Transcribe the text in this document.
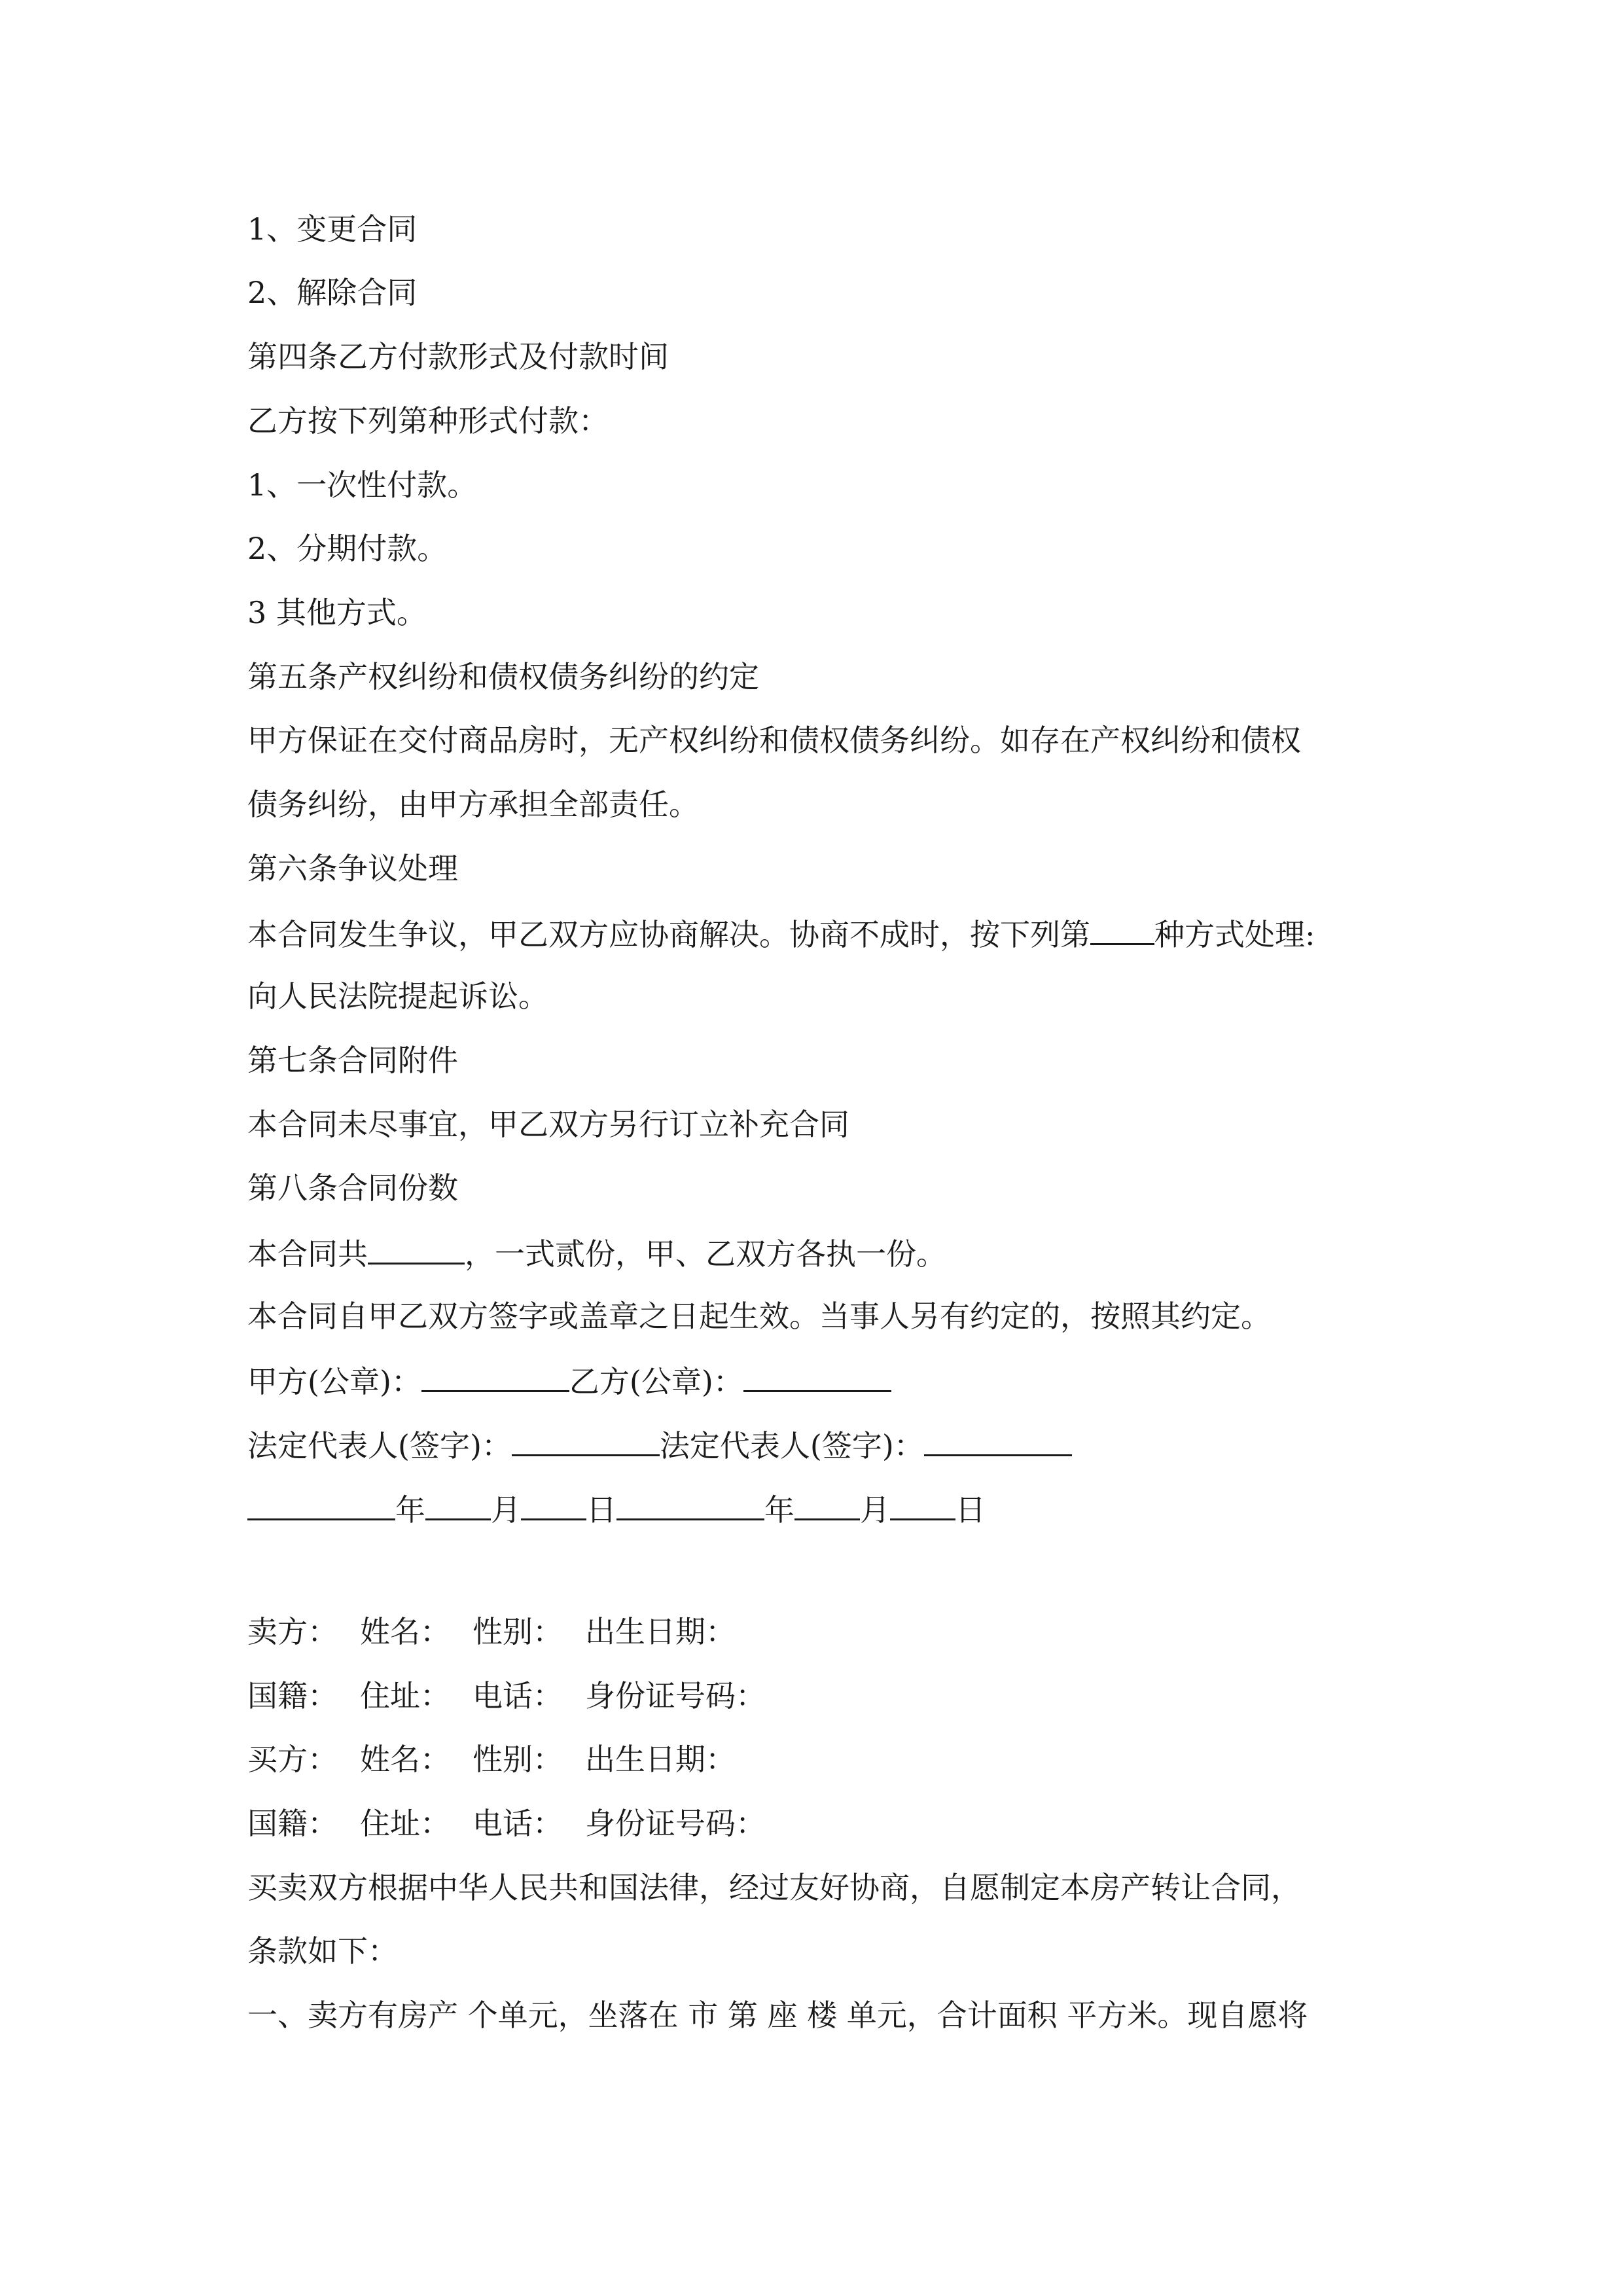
1、变更合同
2、解除合同
第四条乙方付款形式及付款时间
乙方按下列第种形式付款：
1、一次性付款。
2、分期付款。
3 其他方式。
第五条产权纠纷和债权债务纠纷的约定
甲方保证在交付商品房时，无产权纠纷和债权债务纠纷。如存在产权纠纷和债权
债务纠纷，由甲方承担全部责任。
第六条争议处理
本合同发生争议，甲乙双方应协商解决。协商不成时，按下列第 种方式处理:
向人民法院提起诉讼。
第七条合同附件
本合同未尽事宜，甲乙双方另行订立补充合同
第八条合同份数
本合同共	，一式贰份，甲、乙双方各执一份。
本合同自甲乙双方签字或盖章之日起生效。当事人另有约定的，按照其约定。
甲方(公章)：	乙方(公章)：
法定代表人(签字)：	法定代表人(签字)：
年 月 日	年 月 日
卖方： 姓名： 性别： 出生日期：
国籍： 住址： 电话： 身份证号码：
买方： 姓名： 性别： 出生日期：
国籍： 住址： 电话： 身份证号码：
买卖双方根据中华人民共和国法律，经过友好协商，自愿制定本房产转让合同，
条款如下：
一、卖方有房产 个单元，坐落在 市 第 座 楼 单元，合计面积 平方米。现自愿将
